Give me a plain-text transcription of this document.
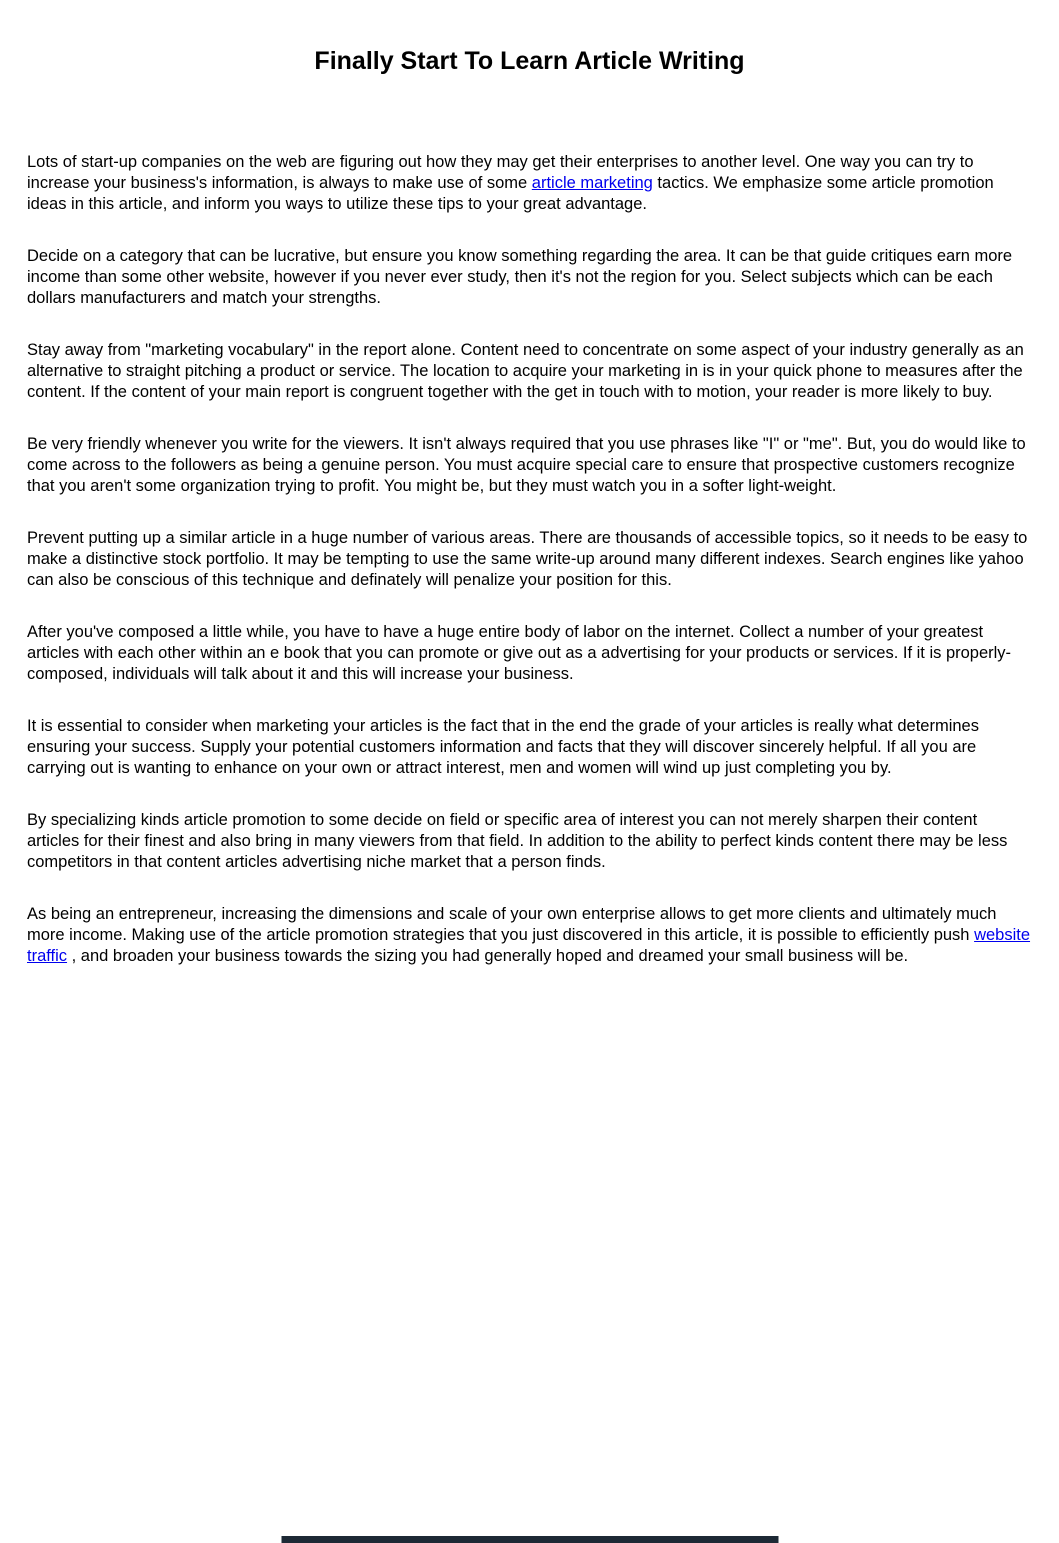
Finally Start To Learn Article Writing

Lots of start-up companies on the web are figuring out how they may get their enterprises to another level. One way you can try to increase your business's information, is always to make use of some article marketing tactics. We emphasize some article promotion ideas in this article, and inform you ways to utilize these tips to your great advantage.

Decide on a category that can be lucrative, but ensure you know something regarding the area. It can be that guide critiques earn more income than some other website, however if you never ever study, then it's not the region for you. Select subjects which can be each dollars manufacturers and match your strengths.

Stay away from "marketing vocabulary" in the report alone. Content need to concentrate on some aspect of your industry generally as an alternative to straight pitching a product or service. The location to acquire your marketing in is in your quick phone to measures after the content. If the content of your main report is congruent together with the get in touch with to motion, your reader is more likely to buy.

Be very friendly whenever you write for the viewers. It isn't always required that you use phrases like "I" or "me". But, you do would like to come across to the followers as being a genuine person. You must acquire special care to ensure that prospective customers recognize that you aren't some organization trying to profit. You might be, but they must watch you in a softer light-weight.

Prevent putting up a similar article in a huge number of various areas. There are thousands of accessible topics, so it needs to be easy to make a distinctive stock portfolio. It may be tempting to use the same write-up around many different indexes. Search engines like yahoo can also be conscious of this technique and definately will penalize your position for this.

After you've composed a little while, you have to have a huge entire body of labor on the internet. Collect a number of your greatest articles with each other within an e book that you can promote or give out as a advertising for your products or services. If it is properly-composed, individuals will talk about it and this will increase your business.

It is essential to consider when marketing your articles is the fact that in the end the grade of your articles is really what determines ensuring your success. Supply your potential customers information and facts that they will discover sincerely helpful. If all you are carrying out is wanting to enhance on your own or attract interest, men and women will wind up just completing you by.

By specializing kinds article promotion to some decide on field or specific area of interest you can not merely sharpen their content articles for their finest and also bring in many viewers from that field. In addition to the ability to perfect kinds content there may be less competitors in that content articles advertising niche market that a person finds.

As being an entrepreneur, increasing the dimensions and scale of your own enterprise allows to get more clients and ultimately much more income. Making use of the article promotion strategies that you just discovered in this article, it is possible to efficiently push website traffic , and broaden your business towards the sizing you had generally hoped and dreamed your small business will be.
